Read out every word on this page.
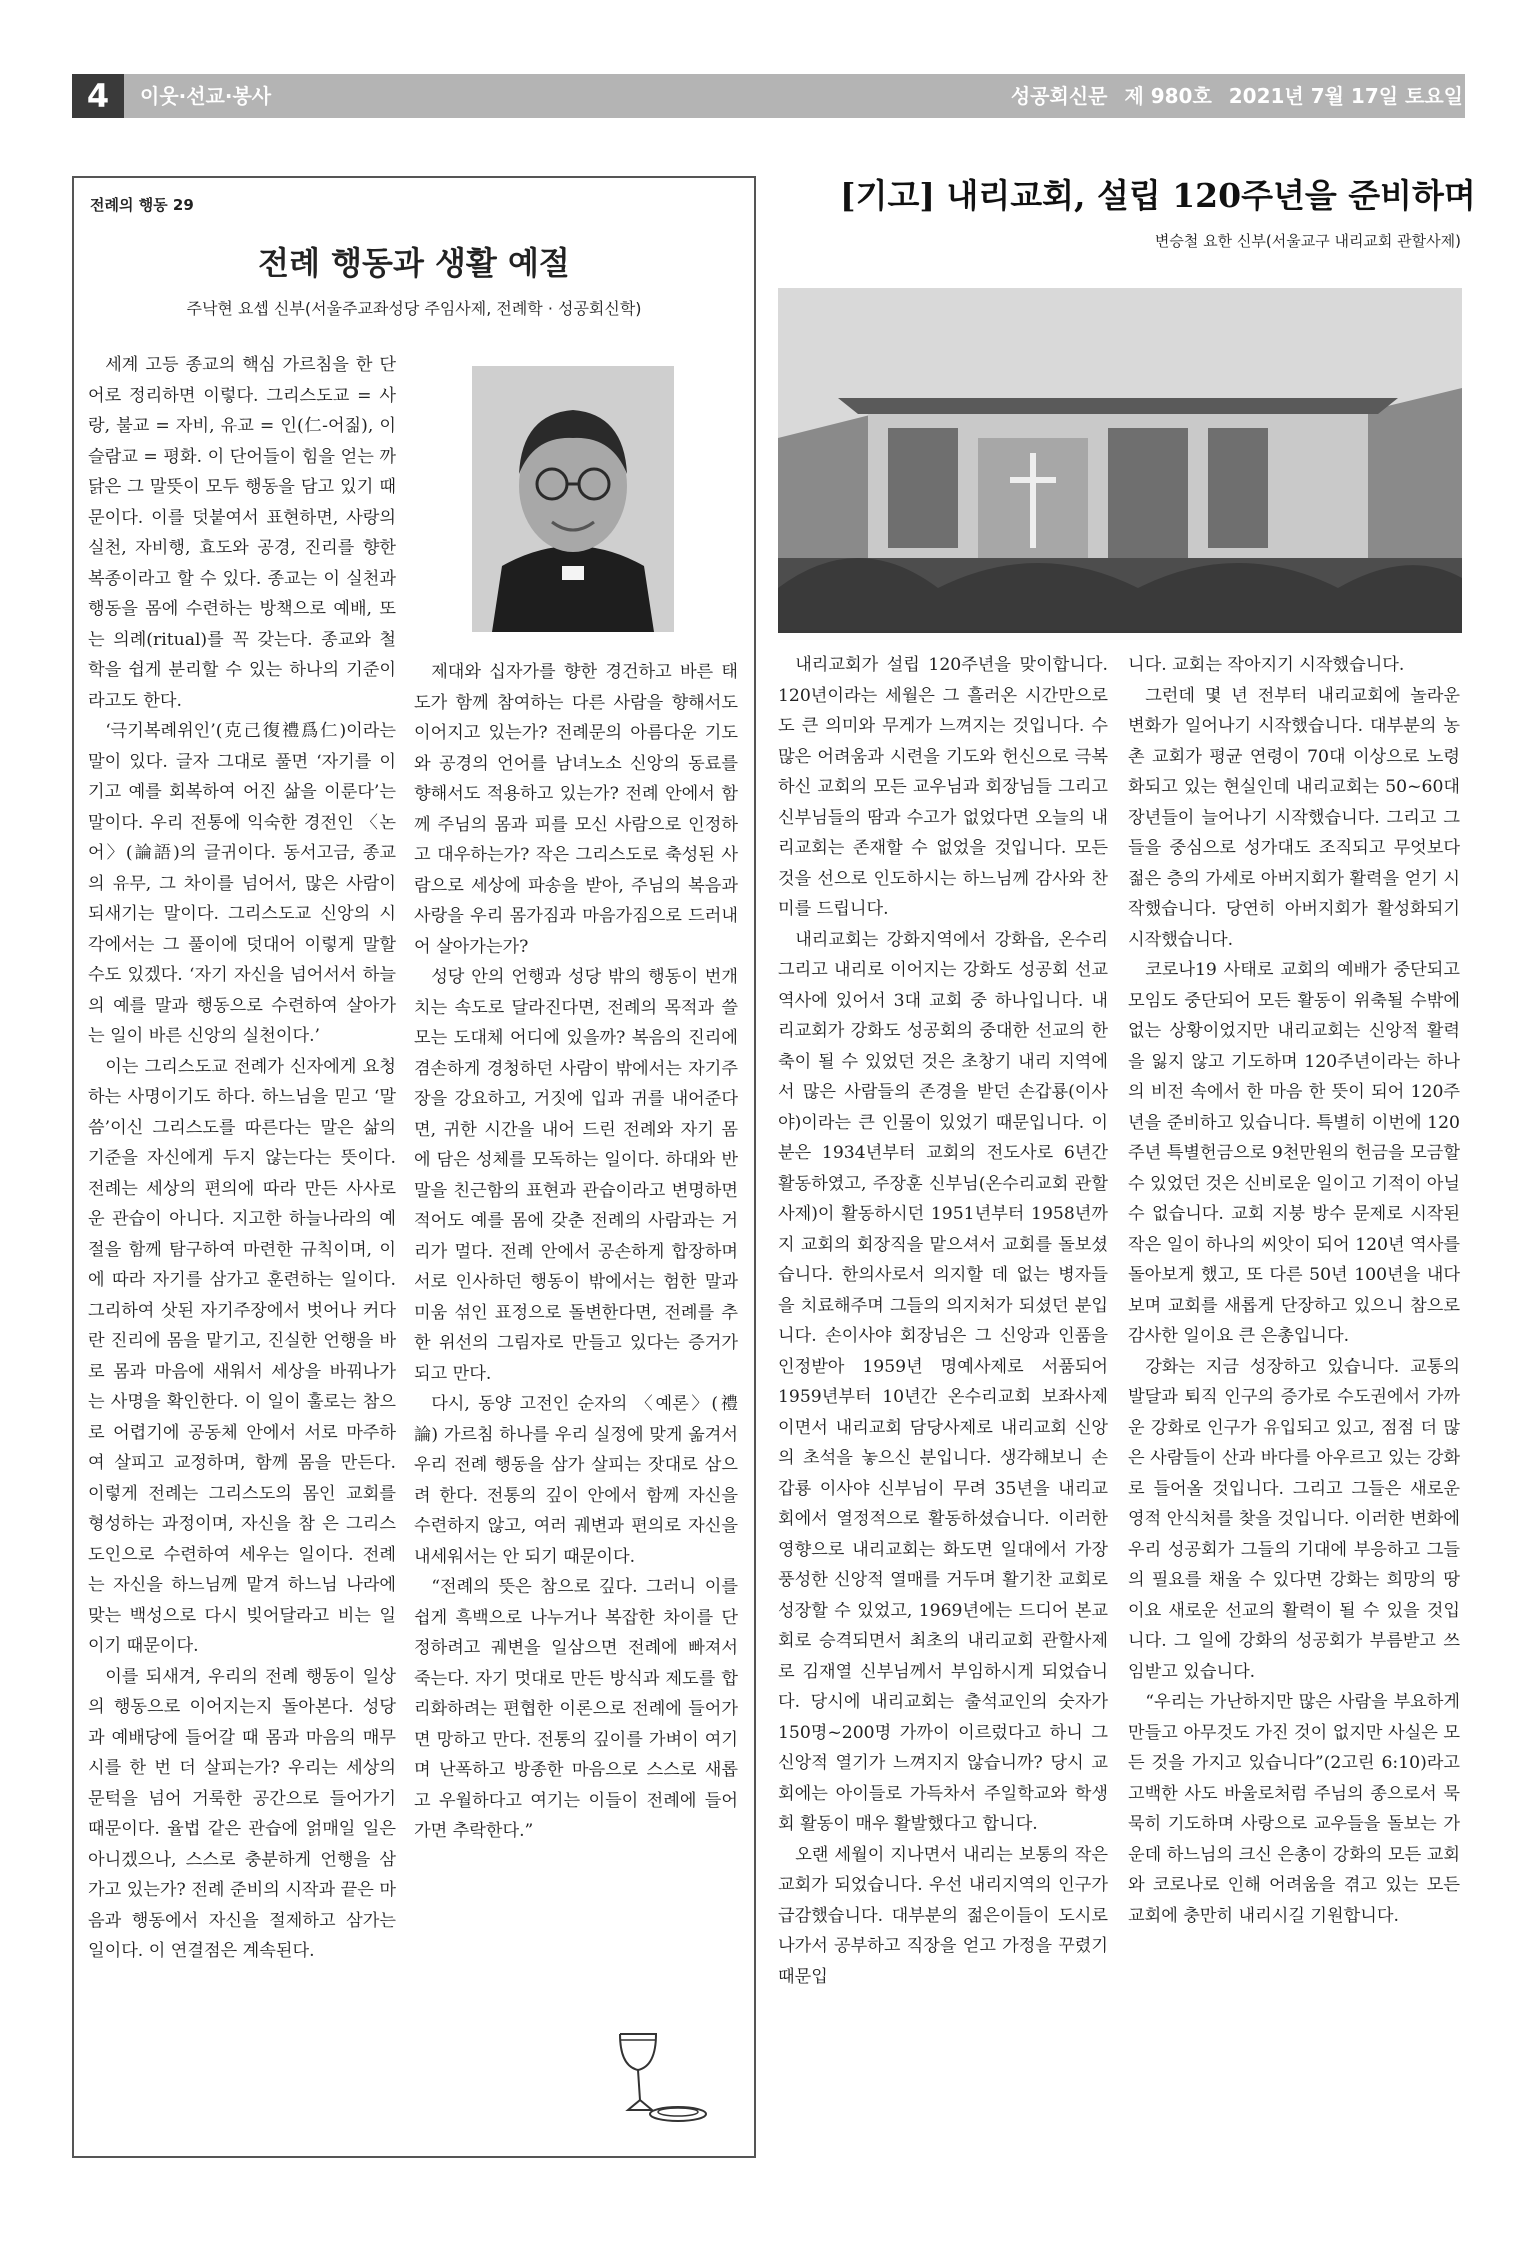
4	이웃·선교·봉사	성공회신문 제 980호 2021년 7월 17일 토요일
전례의 행동 29
전례 행동과 생활 예절
주낙현 요셉 신부(서울주교좌성당 주임사제, 전례학 · 성공회신학)

세계 고등 종교의 핵심 가르침을 한 단어로 정리하면 이렇다. 그리스도교 = 사랑, 불교 = 자비, 유교 = 인(仁-어짊), 이슬람교 = 평화. 이 단어들이 힘을 얻는 까닭은 그 말뜻이 모두 행동을 담고 있기 때문이다. 이를 덧붙여서 표현하면, 사랑의 실천, 자비행, 효도와 공경, 진리를 향한 복종이라고 할 수 있다. 종교는 이 실천과 행동을 몸에 수련하는 방책으로 예배, 또는 의례(ritual)를 꼭 갖는다. 종교와 철학을 쉽게 분리할 수 있는 하나의 기준이라고도 한다.

‘극기복례위인’(克己復禮爲仁)이라는 말이 있다. 글자 그대로 풀면 ‘자기를 이기고 예를 회복하여 어진 삶을 이룬다’는 말이다. 우리 전통에 익숙한 경전인 〈논어〉(論語)의 글귀이다. 동서고금, 종교의 유무, 그 차이를 넘어서, 많은 사람이 되새기는 말이다. 그리스도교 신앙의 시각에서는 그 풀이에 덧대어 이렇게 말할 수도 있겠다. ‘자기 자신을 넘어서서 하늘의 예를 말과 행동으로 수련하여 살아가는 일이 바른 신앙의 실천이다.’

이는 그리스도교 전례가 신자에게 요청하는 사명이기도 하다. 하느님을 믿고 ‘말씀’이신 그리스도를 따른다는 말은 삶의 기준을 자신에게 두지 않는다는 뜻이다. 전례는 세상의 편의에 따라 만든 사사로운 관습이 아니다. 지고한 하늘나라의 예절을 함께 탐구하여 마련한 규칙이며, 이에 따라 자기를 삼가고 훈련하는 일이다. 그리하여 삿된 자기주장에서 벗어나 커다란 진리에 몸을 맡기고, 진실한 언행을 바로 몸과 마음에 새워서 세상을 바꿔나가는 사명을 확인한다. 이 일이 훌로는 참으로 어렵기에 공동체 안에서 서로 마주하여 살피고 교정하며, 함께 몸을 만든다. 이렇게 전례는 그리스도의 몸인 교회를 형성하는 과정이며, 자신을 참 은 그리스도인으로 수련하여 세우는 일이다. 전례는 자신을 하느님께 맡겨 하느님 나라에 맞는 백성으로 다시 빚어달라고 비는 일이기 때문이다.

이를 되새겨, 우리의 전례 행동이 일상의 행동으로 이어지는지 돌아본다. 성당과 예배당에 들어갈 때 몸과 마음의 매무시를 한 번 더 살피는가? 우리는 세상의 문턱을 넘어 거룩한 공간으로 들어가기 때문이다. 율법 같은 관습에 얽매일 일은 아니겠으나, 스스로 충분하게 언행을 삼가고 있는가? 전례 준비의 시작과 끝은 마음과 행동에서 자신을 절제하고 삼가는 일이다. 이 연결점은 계속된다.

제대와 십자가를 향한 경건하고 바른 태도가 함께 참여하는 다른 사람을 향해서도 이어지고 있는가? 전례문의 아름다운 기도와 공경의 언어를 남녀노소 신앙의 동료를 향해서도 적용하고 있는가? 전례 안에서 함께 주님의 몸과 피를 모신 사람으로 인정하고 대우하는가? 작은 그리스도로 축성된 사람으로 세상에 파송을 받아, 주님의 복음과 사랑을 우리 몸가짐과 마음가짐으로 드러내어 살아가는가?

성당 안의 언행과 성당 밖의 행동이 번개 치는 속도로 달라진다면, 전례의 목적과 쓸모는 도대체 어디에 있을까? 복음의 진리에 겸손하게 경청하던 사람이 밖에서는 자기주장을 강요하고, 거짓에 입과 귀를 내어준다면, 귀한 시간을 내어 드린 전례와 자기 몸에 담은 성체를 모독하는 일이다. 하대와 반말을 친근함의 표현과 관습이라고 변명하면 적어도 예를 몸에 갖춘 전례의 사람과는 거리가 멀다. 전례 안에서 공손하게 합장하며 서로 인사하던 행동이 밖에서는 험한 말과 미움 섞인 표정으로 돌변한다면, 전례를 추한 위선의 그림자로 만들고 있다는 증거가 되고 만다.

다시, 동양 고전인 순자의 〈예론〉(禮論) 가르침 하나를 우리 실정에 맞게 옮겨서 우리 전례 행동을 삼가 살피는 잣대로 삼으려 한다. 전통의 깊이 안에서 함께 자신을 수련하지 않고, 여러 궤변과 편의로 자신을 내세워서는 안 되기 때문이다.

“전례의 뜻은 참으로 깊다. 그러니 이를 쉽게 흑백으로 나누거나 복잡한 차이를 단정하려고 궤변을 일삼으면 전례에 빠져서 죽는다. 자기 멋대로 만든 방식과 제도를 합리화하려는 편협한 이론으로 전례에 들어가면 망하고 만다. 전통의 깊이를 가벼이 여기며 난폭하고 방종한 마음으로 스스로 새롭고 우월하다고 여기는 이들이 전례에 들어가면 추락한다.”

[기고] 내리교회, 설립 120주년을 준비하며
변승철 요한 신부(서울교구 내리교회 관할사제)

내리교회가 설립 120주년을 맞이합니다. 120년이라는 세월은 그 흘러온 시간만으로도 큰 의미와 무게가 느껴지는 것입니다. 수많은 어려움과 시련을 기도와 헌신으로 극복하신 교회의 모든 교우님과 회장님들 그리고 신부님들의 땀과 수고가 없었다면 오늘의 내리교회는 존재할 수 없었을 것입니다. 모든 것을 선으로 인도하시는 하느님께 감사와 찬미를 드립니다.

내리교회는 강화지역에서 강화읍, 온수리 그리고 내리로 이어지는 강화도 성공회 선교 역사에 있어서 3대 교회 중 하나입니다. 내리교회가 강화도 성공회의 중대한 선교의 한 축이 될 수 있었던 것은 초창기 내리 지역에서 많은 사람들의 존경을 받던 손갑룡(이사야)이라는 큰 인물이 있었기 때문입니다. 이분은 1934년부터 교회의 전도사로 6년간 활동하였고, 주장훈 신부님(온수리교회 관할사제)이 활동하시던 1951년부터 1958년까지 교회의 회장직을 맡으셔서 교회를 돌보셨습니다. 한의사로서 의지할 데 없는 병자들을 치료해주며 그들의 의지처가 되셨던 분입니다. 손이사야 회장님은 그 신앙과 인품을 인정받아 1959년 명예사제로 서품되어 1959년부터 10년간 온수리교회 보좌사제이면서 내리교회 담당사제로 내리교회 신앙의 초석을 놓으신 분입니다. 생각해보니 손갑룡 이사야 신부님이 무려 35년을 내리교회에서 열정적으로 활동하셨습니다. 이러한 영향으로 내리교회는 화도면 일대에서 가장 풍성한 신앙적 열매를 거두며 활기찬 교회로 성장할 수 있었고, 1969년에는 드디어 본교회로 승격되면서 최초의 내리교회 관할사제로 김재열 신부님께서 부임하시게 되었습니다. 당시에 내리교회는 출석교인의 숫자가 150명~200명 가까이 이르렀다고 하니 그 신앙적 열기가 느껴지지 않습니까? 당시 교회에는 아이들로 가득차서 주일학교와 학생회 활동이 매우 활발했다고 합니다.

오랜 세월이 지나면서 내리는 보통의 작은 교회가 되었습니다. 우선 내리지역의 인구가 급감했습니다. 대부분의 젊은이들이 도시로 나가서 공부하고 직장을 얻고 가정을 꾸렸기 때문입

니다. 교회는 작아지기 시작했습니다.

그런데 몇 년 전부터 내리교회에 놀라운 변화가 일어나기 시작했습니다. 대부분의 농촌 교회가 평균 연령이 70대 이상으로 노령화되고 있는 현실인데 내리교회는 50~60대 장년들이 늘어나기 시작했습니다. 그리고 그들을 중심으로 성가대도 조직되고 무엇보다 젊은 층의 가세로 아버지회가 활력을 얻기 시작했습니다. 당연히 아버지회가 활성화되기 시작했습니다.

코로나19 사태로 교회의 예배가 중단되고 모임도 중단되어 모든 활동이 위축될 수밖에 없는 상황이었지만 내리교회는 신앙적 활력을 잃지 않고 기도하며 120주년이라는 하나의 비전 속에서 한 마음 한 뜻이 되어 120주년을 준비하고 있습니다. 특별히 이번에 120주년 특별헌금으로 9천만원의 헌금을 모금할 수 있었던 것은 신비로운 일이고 기적이 아닐 수 없습니다. 교회 지붕 방수 문제로 시작된 작은 일이 하나의 씨앗이 되어 120년 역사를 돌아보게 했고, 또 다른 50년 100년을 내다보며 교회를 새롭게 단장하고 있으니 참으로 감사한 일이요 큰 은총입니다.

강화는 지금 성장하고 있습니다. 교통의 발달과 퇴직 인구의 증가로 수도권에서 가까운 강화로 인구가 유입되고 있고, 점점 더 많은 사람들이 산과 바다를 아우르고 있는 강화로 들어올 것입니다. 그리고 그들은 새로운 영적 안식처를 찾을 것입니다. 이러한 변화에 우리 성공회가 그들의 기대에 부응하고 그들의 필요를 채울 수 있다면 강화는 희망의 땅이요 새로운 선교의 활력이 될 수 있을 것입니다. 그 일에 강화의 성공회가 부름받고 쓰임받고 있습니다.

“우리는 가난하지만 많은 사람을 부요하게 만들고 아무것도 가진 것이 없지만 사실은 모든 것을 가지고 있습니다”(2고린 6:10)라고 고백한 사도 바울로처럼 주님의 종으로서 묵묵히 기도하며 사랑으로 교우들을 돌보는 가운데 하느님의 크신 은총이 강화의 모든 교회와 코로나로 인해 어려움을 겪고 있는 모든 교회에 충만히 내리시길 기원합니다.
